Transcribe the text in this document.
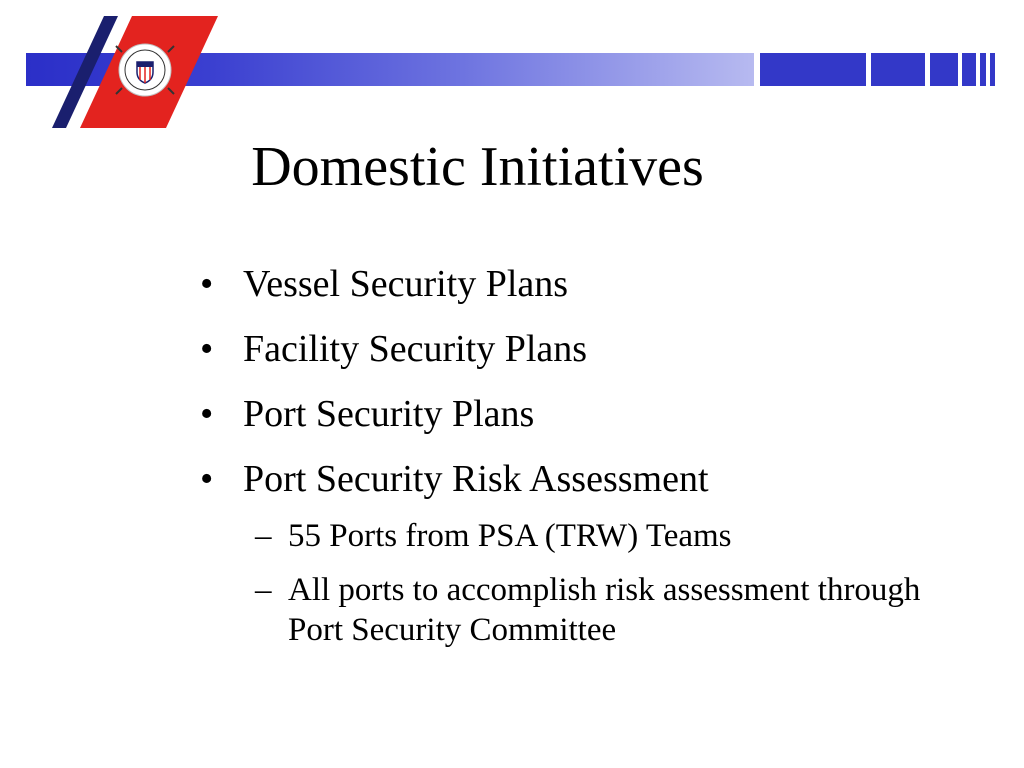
Domestic Initiatives
• Vessel Security Plans
• Facility Security Plans
• Port Security Plans
• Port Security Risk Assessment
– 55 Ports from PSA (TRW) Teams
– All ports to accomplish risk assessment through Port Security Committee
